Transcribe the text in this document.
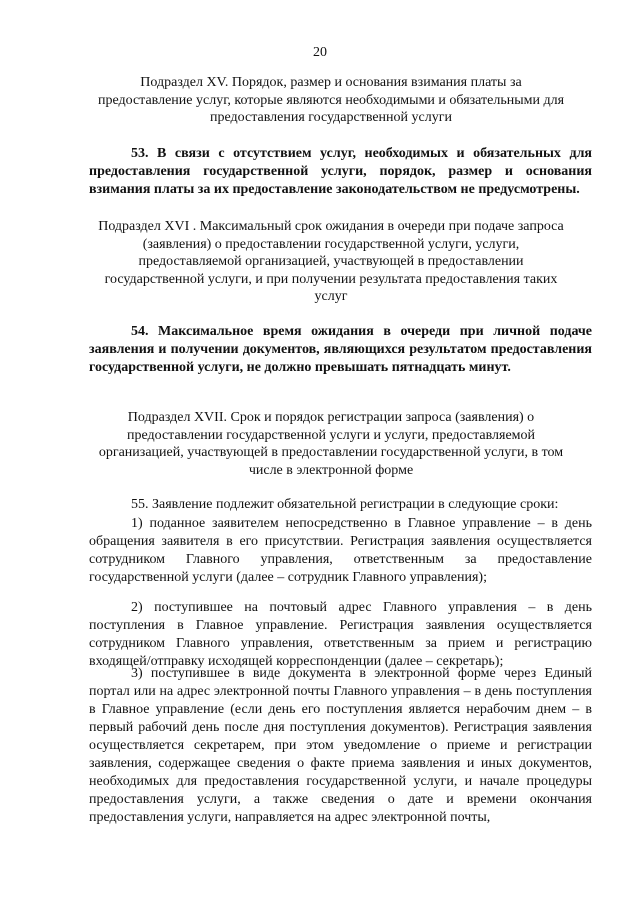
20
Подраздел XV. Порядок, размер и основания взимания платы за предоставление услуг, которые являются необходимыми и обязательными для предоставления государственной услуги
53. В связи с отсутствием услуг, необходимых и обязательных для предоставления государственной услуги, порядок, размер и основания взимания платы за их предоставление законодательством не предусмотрены.
Подраздел XVI . Максимальный срок ожидания в очереди при подаче запроса (заявления) о предоставлении государственной услуги, услуги, предоставляемой организацией, участвующей в предоставлении государственной услуги, и при получении результата предоставления таких услуг
54. Максимальное время ожидания в очереди при личной подаче заявления и получении документов, являющихся результатом предоставления государственной услуги, не должно превышать пятнадцать минут.
Подраздел XVII. Срок и порядок регистрации запроса (заявления) о предоставлении государственной услуги и услуги, предоставляемой организацией, участвующей в предоставлении государственной услуги, в том числе в электронной форме
55. Заявление подлежит обязательной регистрации в следующие сроки:
1) поданное заявителем непосредственно в Главное управление – в день обращения заявителя в его присутствии. Регистрация заявления осуществляется сотрудником Главного управления, ответственным за предоставление государственной услуги (далее – сотрудник Главного управления);
2) поступившее на почтовый адрес Главного управления – в день поступления в Главное управление. Регистрация заявления осуществляется сотрудником Главного управления, ответственным за прием и регистрацию входящей/отправку исходящей корреспонденции (далее – секретарь);
3) поступившее в виде документа в электронной форме через Единый портал или на адрес электронной почты Главного управления – в день поступления в Главное управление (если день его поступления является нерабочим днем – в первый рабочий день после дня поступления документов). Регистрация заявления осуществляется секретарем, при этом уведомление о приеме и регистрации заявления, содержащее сведения о факте приема заявления и иных документов, необходимых для предоставления государственной услуги, и начале процедуры предоставления услуги, а также сведения о дате и времени окончания предоставления услуги, направляется на адрес электронной почты,
